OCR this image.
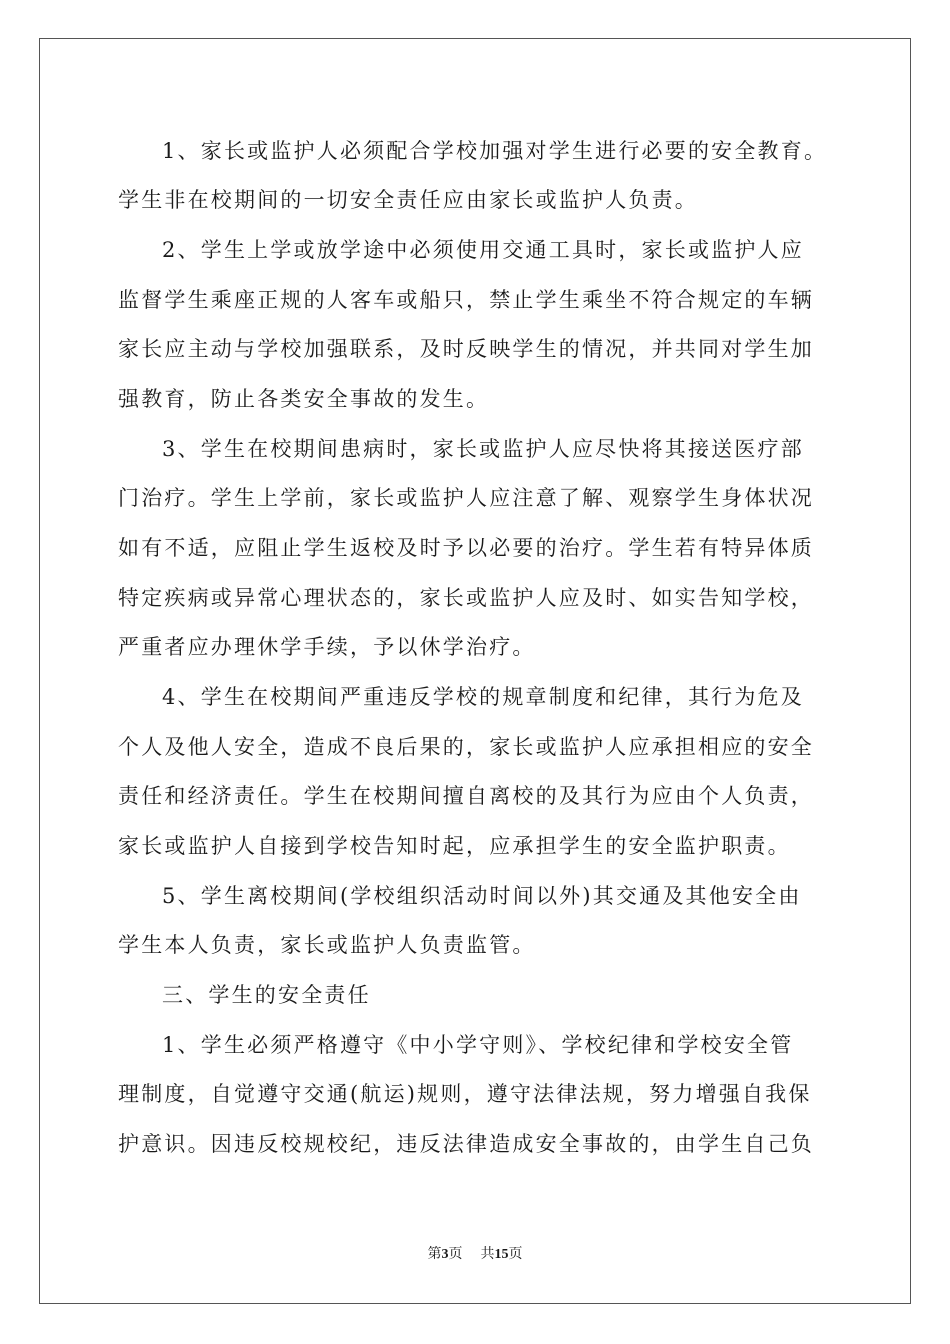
1、家长或监护人必须配合学校加强对学生进行必要的安全教育。
学生非在校期间的一切安全责任应由家长或监护人负责。
2、学生上学或放学途中必须使用交通工具时，家长或监护人应
监督学生乘座正规的人客车或船只，禁止学生乘坐不符合规定的车辆
家长应主动与学校加强联系，及时反映学生的情况，并共同对学生加
强教育，防止各类安全事故的发生。
3、学生在校期间患病时，家长或监护人应尽快将其接送医疗部
门治疗。学生上学前，家长或监护人应注意了解、观察学生身体状况
如有不适，应阻止学生返校及时予以必要的治疗。学生若有特异体质
特定疾病或异常心理状态的，家长或监护人应及时、如实告知学校，
严重者应办理休学手续，予以休学治疗。
4、学生在校期间严重违反学校的规章制度和纪律，其行为危及
个人及他人安全，造成不良后果的，家长或监护人应承担相应的安全
责任和经济责任。学生在校期间擅自离校的及其行为应由个人负责，
家长或监护人自接到学校告知时起，应承担学生的安全监护职责。
5、学生离校期间(学校组织活动时间以外)其交通及其他安全由
学生本人负责，家长或监护人负责监管。
三、学生的安全责任
1、学生必须严格遵守《中小学守则》、学校纪律和学校安全管
理制度，自觉遵守交通(航运)规则，遵守法律法规，努力增强自我保
护意识。因违反校规校纪，违反法律造成安全事故的，由学生自己负
第3页 共15页
